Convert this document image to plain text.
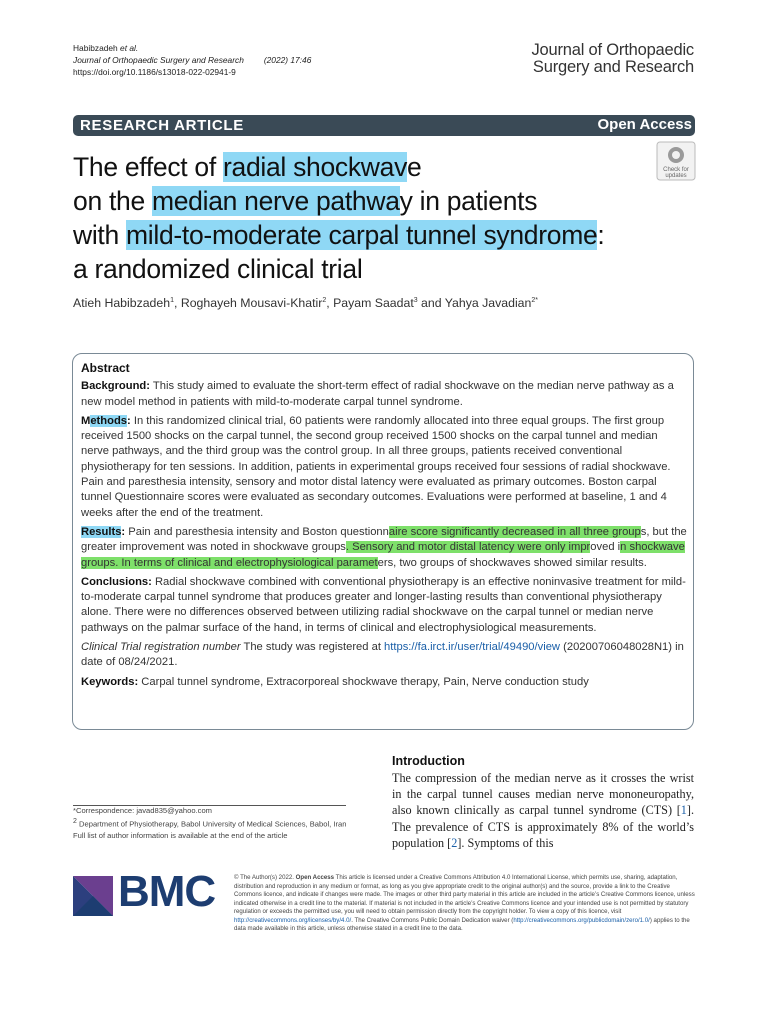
Habibzadeh et al.
Journal of Orthopaedic Surgery and Research (2022) 17:46
https://doi.org/10.1186/s13018-022-02941-9
Journal of Orthopaedic
Surgery and Research
RESEARCH ARTICLE	Open Access
Check for
updates
The effect of radial shockwave
on the median nerve pathway in patients
with mild-to-moderate carpal tunnel syndrome:
a randomized clinical trial
Atieh Habibzadeh$^1$, Roghayeh Mousavi-Khatir$^2$, Payam Saadat$^3$ and Yahya Javadian$^{2*}$

Abstract

Background: This study aimed to evaluate the short-term effect of radial shockwave on the median nerve pathway as a new model method in patients with mild-to-moderate carpal tunnel syndrome.

Methods: In this randomized clinical trial, 60 patients were randomly allocated into three equal groups. The first group received 1500 shocks on the carpal tunnel, the second group received 1500 shocks on the carpal tunnel and median nerve pathways, and the third group was the control group. In all three groups, patients received conventional physiotherapy for ten sessions. In addition, patients in experimental groups received four sessions of radial shockwave. Pain and paresthesia intensity, sensory and motor distal latency were evaluated as primary outcomes. Boston carpal tunnel Questionnaire scores were evaluated as secondary outcomes. Evaluations were performed at baseline, 1 and 4 weeks after the end of the treatment.

Results: Pain and paresthesia intensity and Boston questionnaire score significantly decreased in all three groups, but the greater improvement was noted in shockwave groups. Sensory and motor distal latency were only improved in shockwave groups. In terms of clinical and electrophysiological parameters, two groups of shockwaves showed similar results.

Conclusions: Radial shockwave combined with conventional physiotherapy is an effective noninvasive treatment for mild-to-moderate carpal tunnel syndrome that produces greater and longer-lasting results than conventional physiotherapy alone. There were no differences observed between utilizing radial shockwave on the carpal tunnel or median nerve pathways on the palmar surface of the hand, in terms of clinical and electrophysiological measurements.

Clinical Trial registration number The study was registered at https://fa.irct.ir/user/trial/49490/view (20200706048028N1) in date of 08/24/2021.

Keywords: Carpal tunnel syndrome, Extracorporeal shockwave therapy, Pain, Nerve conduction study

Introduction
The compression of the median nerve as it crosses the wrist in the carpal tunnel causes median nerve mononeuropathy, also known clinically as carpal tunnel syndrome (CTS) [1]. The prevalence of CTS is approximately 8% of the world’s population [2]. Symptoms of this

*Correspondence: javad835@yahoo.com

$^2$ Department of Physiotherapy, Babol University of Medical Sciences, Babol, Iran

Full list of author information is available at the end of the article

BMC	© The Author(s) 2022. Open Access This article is licensed under a Creative Commons Attribution 4.0 International License, which permits use, sharing, adaptation, distribution and reproduction in any medium or format, as long as you give appropriate credit to the original author(s) and the source, provide a link to the Creative Commons licence, and indicate if changes were made. The images or other third party material in this article are included in the article’s Creative Commons licence, unless indicated otherwise in a credit line to the material. If material is not included in the article’s Creative Commons licence and your intended use is not permitted by statutory regulation or exceeds the permitted use, you will need to obtain permission directly from the copyright holder. To view a copy of this licence, visit http://creativecommons.org/licenses/by/4.0/. The Creative Commons Public Domain Dedication waiver (http://creativecommons.org/publicdomain/zero/1.0/) applies to the data made available in this article, unless otherwise stated in a credit line to the data.
